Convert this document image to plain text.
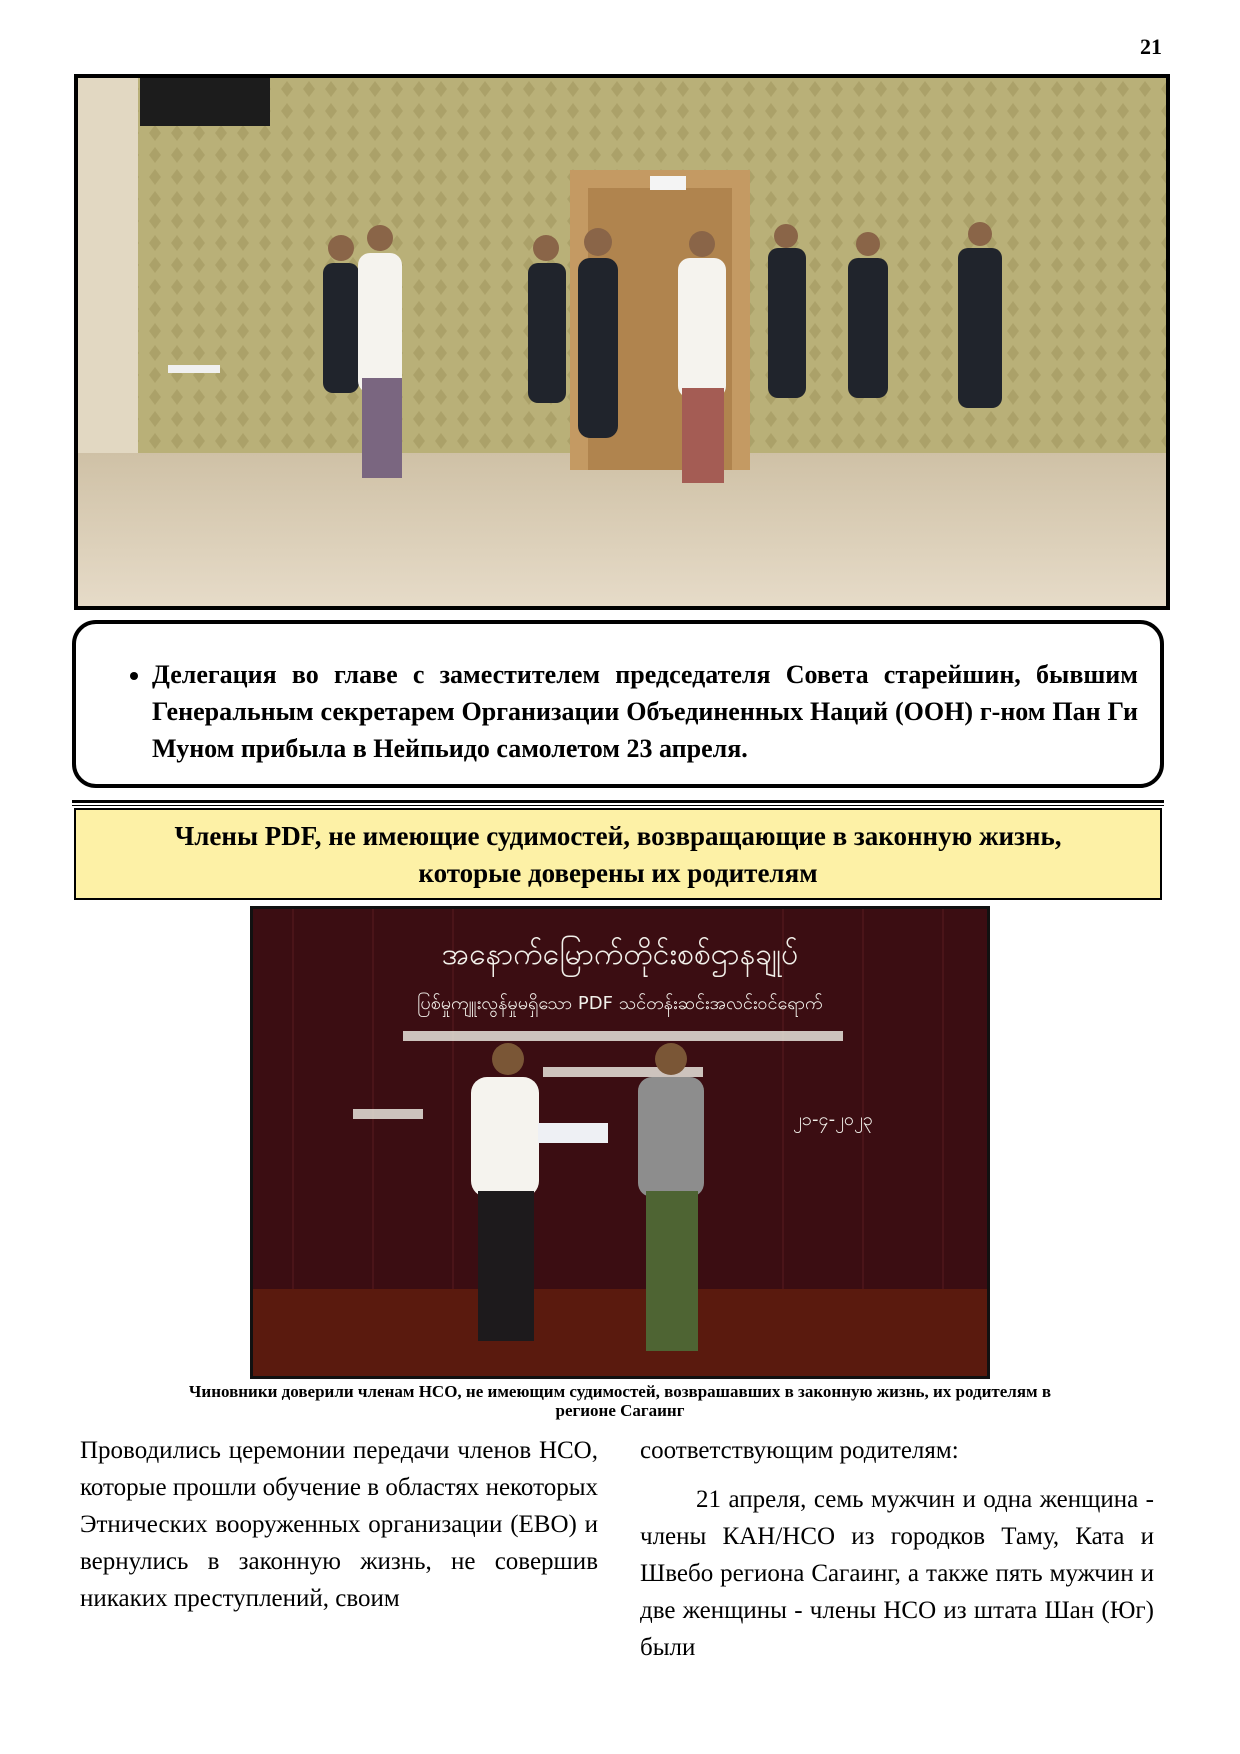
21
• Делегация во главе с заместителем председателя Совета старейшин, бывшим Генеральным секретарем Организации Объединенных Наций (ООН) г-ном Пан Ги Муном прибыла в Нейпьидо самолетом 23 апреля.
Члены PDF, не имеющие судимостей, возвращающие в законную жизнь,
которые доверены их родителям
အနောက်မြောက်တိုင်းစစ်ဌာနချုပ်
ပြစ်မှုကျူးလွန်မှုမရှိသော PDF သင်တန်းဆင်းအလင်းဝင်ရောက်
၂၁-၄-၂၀၂၃
Чиновники доверили членам НСО, не имеющим судимостей, возврашавших в законную жизнь, их родителям в
регионе Сагаинг

Проводились церемонии передачи членов НСО, которые прошли обучение в областях некоторых Этнических вооруженных организации (ЕВО) и вернулись в законную жизнь, не совершив никаких преступлений, своим

соответствующим родителям:

21 апреля, семь мужчин и одна женщина - члены КАН/НСО из городков Таму, Ката и Швебо региона Сагаинг, а также пять мужчин и две женщины - члены НСО из штата Шан (Юг) были
